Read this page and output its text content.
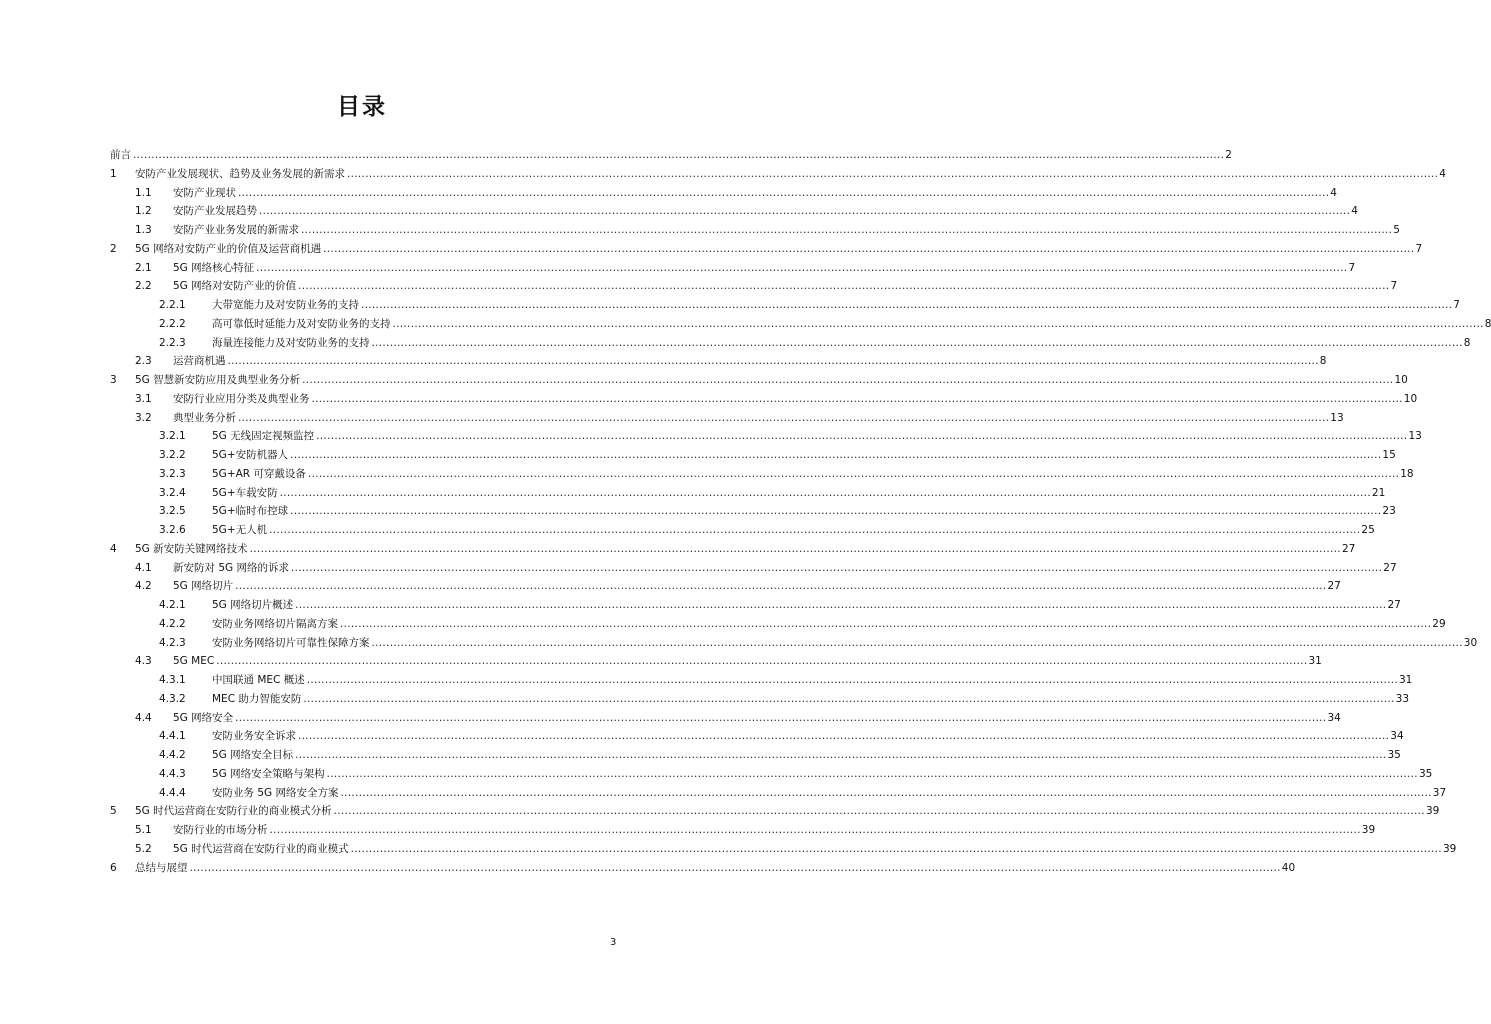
目录
前言 ............................................................................................................................................................................................................................................................................................................ 2
1 安防产业发展现状、趋势及业务发展的新需求 ............................................................................................................................................................................................................................................................................................................ 4
1.1 安防产业现状 ............................................................................................................................................................................................................................................................................................................ 4
1.2 安防产业发展趋势 ............................................................................................................................................................................................................................................................................................................ 4
1.3 安防产业业务发展的新需求 ............................................................................................................................................................................................................................................................................................................ 5
2 5G 网络对安防产业的价值及运营商机遇 ............................................................................................................................................................................................................................................................................................................ 7
2.1 5G 网络核心特征 ............................................................................................................................................................................................................................................................................................................ 7
2.2 5G 网络对安防产业的价值 ............................................................................................................................................................................................................................................................................................................ 7
2.2.1	大带宽能力及对安防业务的支持 ............................................................................................................................................................................................................................................................................................................ 7
2.2.2	高可靠低时延能力及对安防业务的支持 ............................................................................................................................................................................................................................................................................................................ 8
2.2.3	海量连接能力及对安防业务的支持 ............................................................................................................................................................................................................................................................................................................ 8
2.3 运营商机遇 ............................................................................................................................................................................................................................................................................................................ 8
3 5G 智慧新安防应用及典型业务分析 ............................................................................................................................................................................................................................................................................................................ 10
3.1 安防行业应用分类及典型业务 ............................................................................................................................................................................................................................................................................................................ 10
3.2 典型业务分析 ............................................................................................................................................................................................................................................................................................................ 13
3.2.1	5G 无线固定视频监控 ............................................................................................................................................................................................................................................................................................................ 13
3.2.2	5G+安防机器人 ............................................................................................................................................................................................................................................................................................................ 15
3.2.3	5G+AR 可穿戴设备 ............................................................................................................................................................................................................................................................................................................ 18
3.2.4	5G+车载安防 ............................................................................................................................................................................................................................................................................................................ 21
3.2.5	5G+临时布控球 ............................................................................................................................................................................................................................................................................................................ 23
3.2.6	5G+无人机 ............................................................................................................................................................................................................................................................................................................ 25
4 5G 新安防关键网络技术 ............................................................................................................................................................................................................................................................................................................ 27
4.1 新安防对 5G 网络的诉求 ............................................................................................................................................................................................................................................................................................................ 27
4.2 5G 网络切片 ............................................................................................................................................................................................................................................................................................................ 27
4.2.1	5G 网络切片概述 ............................................................................................................................................................................................................................................................................................................ 27
4.2.2	安防业务网络切片隔离方案 ............................................................................................................................................................................................................................................................................................................ 29
4.2.3	安防业务网络切片可靠性保障方案 ............................................................................................................................................................................................................................................................................................................ 30
4.3 5G MEC ............................................................................................................................................................................................................................................................................................................ 31
4.3.1	中国联通 MEC 概述 ............................................................................................................................................................................................................................................................................................................ 31
4.3.2	MEC 助力智能安防 ............................................................................................................................................................................................................................................................................................................ 33
4.4 5G 网络安全 ............................................................................................................................................................................................................................................................................................................ 34
4.4.1	安防业务安全诉求 ............................................................................................................................................................................................................................................................................................................ 34
4.4.2	5G 网络安全目标 ............................................................................................................................................................................................................................................................................................................ 35
4.4.3	5G 网络安全策略与架构 ............................................................................................................................................................................................................................................................................................................ 35
4.4.4	安防业务 5G 网络安全方案 ............................................................................................................................................................................................................................................................................................................ 37
5 5G 时代运营商在安防行业的商业模式分析 ............................................................................................................................................................................................................................................................................................................ 39
5.1 安防行业的市场分析 ............................................................................................................................................................................................................................................................................................................ 39
5.2 5G 时代运营商在安防行业的商业模式 ............................................................................................................................................................................................................................................................................................................ 39
6 总结与展望 ............................................................................................................................................................................................................................................................................................................ 40
3
